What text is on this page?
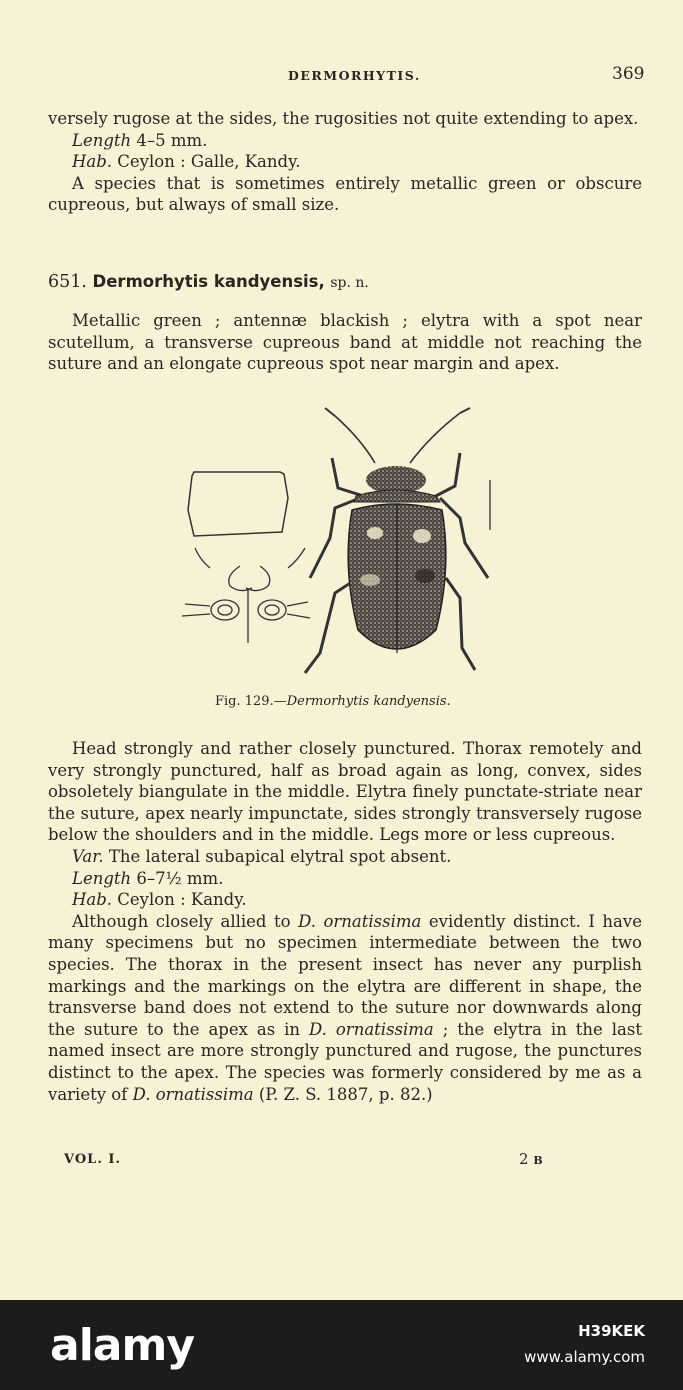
DERMORHYTIS.	369

versely rugose at the sides, the rugosities not quite extending to apex.

Length 4–5 mm.

Hab. Ceylon : Galle, Kandy.

A species that is sometimes entirely metallic green or obscure cupreous, but always of small size.

651. Dermorhytis kandyensis, sp. n.

Metallic green ; antennæ blackish ; elytra with a spot near scutellum, a transverse cupreous band at middle not reaching the suture and an elongate cupreous spot near margin and apex.

Fig. 129.—Dermorhytis kandyensis.

Head strongly and rather closely punctured. Thorax remotely and very strongly punctured, half as broad again as long, convex, sides obsoletely biangulate in the middle. Elytra finely punctate-striate near the suture, apex nearly impunctate, sides strongly transversely rugose below the shoulders and in the middle. Legs more or less cupreous.

Var. The lateral subapical elytral spot absent.

Length 6–7½ mm.

Hab. Ceylon : Kandy.

Although closely allied to D. ornatissima evidently distinct. I have many specimens but no specimen intermediate between the two species. The thorax in the present insect has never any purplish markings and the markings on the elytra are different in shape, the transverse band does not extend to the suture nor downwards along the suture to the apex as in D. ornatissima ; the elytra in the last named insect are more strongly punctured and rugose, the punctures distinct to the apex. The species was formerly considered by me as a variety of D. ornatissima (P. Z. S. 1887, p. 82.)

VOL. I.	2 B
alamy	H39KEK
www.alamy.com
